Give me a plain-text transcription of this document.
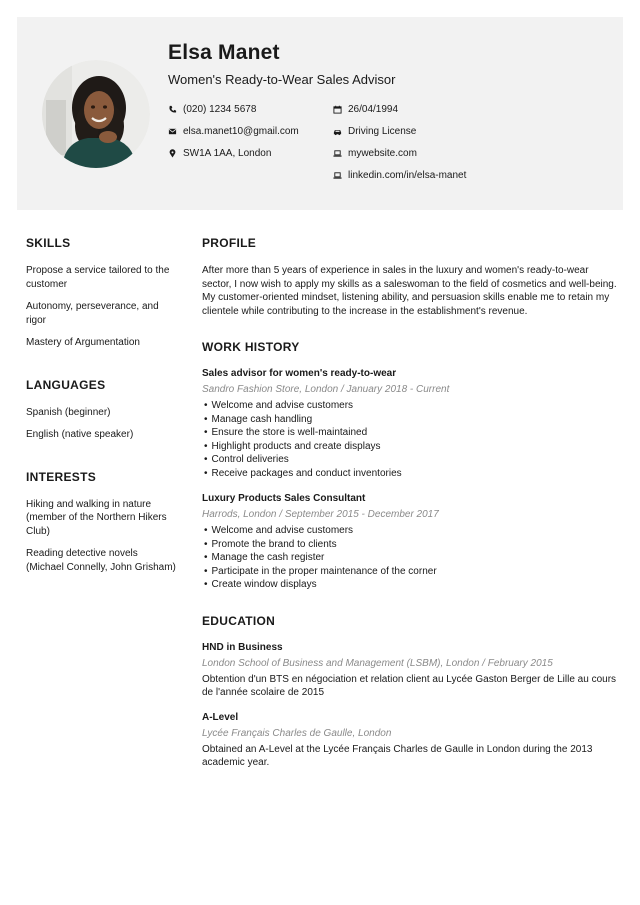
Elsa Manet
Women's Ready-to-Wear Sales Advisor
(020) 1234 5678
elsa.manet10@gmail.com
SW1A 1AA, London
26/04/1994
Driving License
mywebsite.com
linkedin.com/in/elsa-manet
SKILLS
Propose a service tailored to the customer
Autonomy, perseverance, and rigor
Mastery of Argumentation
LANGUAGES
Spanish (beginner)
English (native speaker)
INTERESTS
Hiking and walking in nature (member of the Northern Hikers Club)
Reading detective novels (Michael Connelly, John Grisham)
PROFILE

After more than 5 years of experience in sales in the luxury and women's ready-to-wear sector, I now wish to apply my skills as a saleswoman to the field of cosmetics and well-being. My customer-oriented mindset, listening ability, and persuasion skills enable me to retain my clientele while contributing to the increase in the establishment's revenue.

WORK HISTORY
Sales advisor for women's ready-to-wear
Sandro Fashion Store, London / January 2018 - Current
• Welcome and advise customers
• Manage cash handling
• Ensure the store is well-maintained
• Highlight products and create displays
• Control deliveries
• Receive packages and conduct inventories
Luxury Products Sales Consultant
Harrods, London / September 2015 - December 2017
• Welcome and advise customers
• Promote the brand to clients
• Manage the cash register
• Participate in the proper maintenance of the corner
• Create window displays
EDUCATION
HND in Business
London School of Business and Management (LSBM), London / February 2015

Obtention d'un BTS en négociation et relation client au Lycée Gaston Berger de Lille au cours de l'année scolaire de 2015

A-Level
Lycée Français Charles de Gaulle, London

Obtained an A-Level at the Lycée Français Charles de Gaulle in London during the 2013 academic year.
